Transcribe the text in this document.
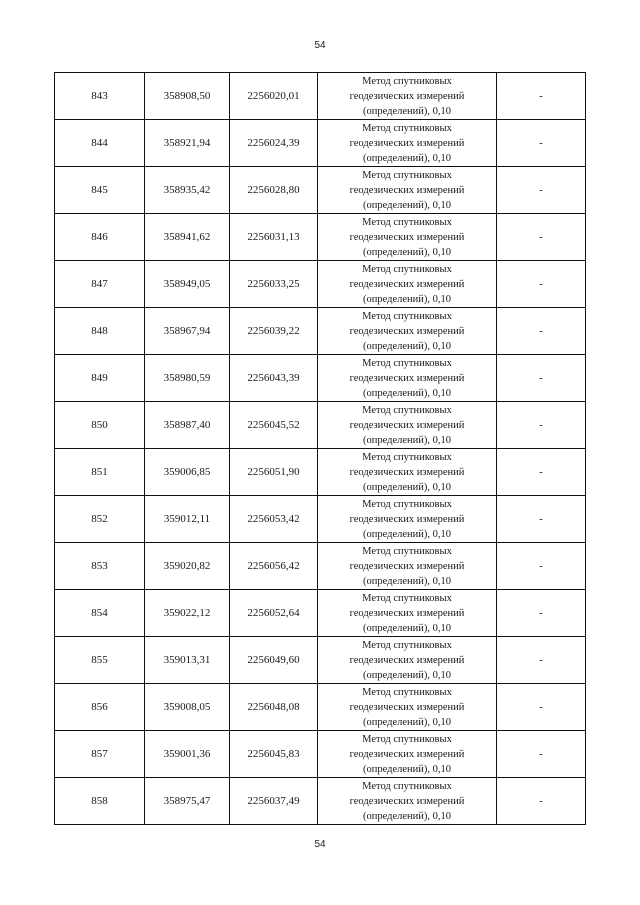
54
843	358908,50	2256020,01	Метод спутниковых
геодезических измерений
(определений), 0,10	-
844	358921,94	2256024,39	Метод спутниковых
геодезических измерений
(определений), 0,10	-
845	358935,42	2256028,80	Метод спутниковых
геодезических измерений
(определений), 0,10	-
846	358941,62	2256031,13	Метод спутниковых
геодезических измерений
(определений), 0,10	-
847	358949,05	2256033,25	Метод спутниковых
геодезических измерений
(определений), 0,10	-
848	358967,94	2256039,22	Метод спутниковых
геодезических измерений
(определений), 0,10	-
849	358980,59	2256043,39	Метод спутниковых
геодезических измерений
(определений), 0,10	-
850	358987,40	2256045,52	Метод спутниковых
геодезических измерений
(определений), 0,10	-
851	359006,85	2256051,90	Метод спутниковых
геодезических измерений
(определений), 0,10	-
852	359012,11	2256053,42	Метод спутниковых
геодезических измерений
(определений), 0,10	-
853	359020,82	2256056,42	Метод спутниковых
геодезических измерений
(определений), 0,10	-
854	359022,12	2256052,64	Метод спутниковых
геодезических измерений
(определений), 0,10	-
855	359013,31	2256049,60	Метод спутниковых
геодезических измерений
(определений), 0,10	-
856	359008,05	2256048,08	Метод спутниковых
геодезических измерений
(определений), 0,10	-
857	359001,36	2256045,83	Метод спутниковых
геодезических измерений
(определений), 0,10	-
858	358975,47	2256037,49	Метод спутниковых
геодезических измерений
(определений), 0,10	-
54
